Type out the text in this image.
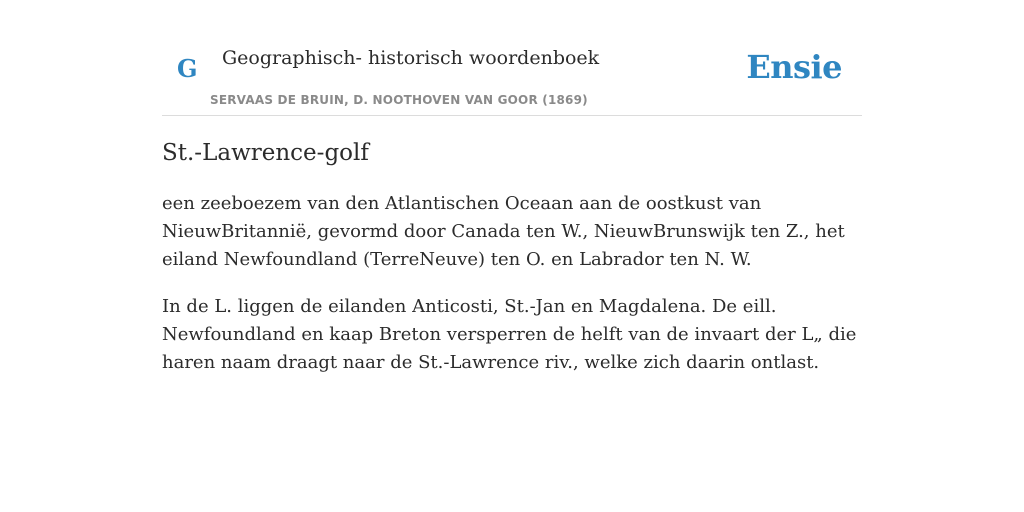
G Geographisch- historisch woordenboek
SERVAAS DE BRUIN, D. NOOTHOVEN VAN GOOR (1869)
Ensie
St.-Lawrence-golf

een zeeboezem van den Atlantischen Oceaan aan de oostkust van NieuwBritannië, gevormd door Canada ten W., NieuwBrunswijk ten Z., het eiland Newfoundland (TerreNeuve) ten O. en Labrador ten N. W.

In de L. liggen de eilanden Anticosti, St.-Jan en Magdalena. De eill. Newfoundland en kaap Breton versperren de helft van de invaart der L„ die haren naam draagt naar de St.-Lawrence riv., welke zich daarin ontlast.
